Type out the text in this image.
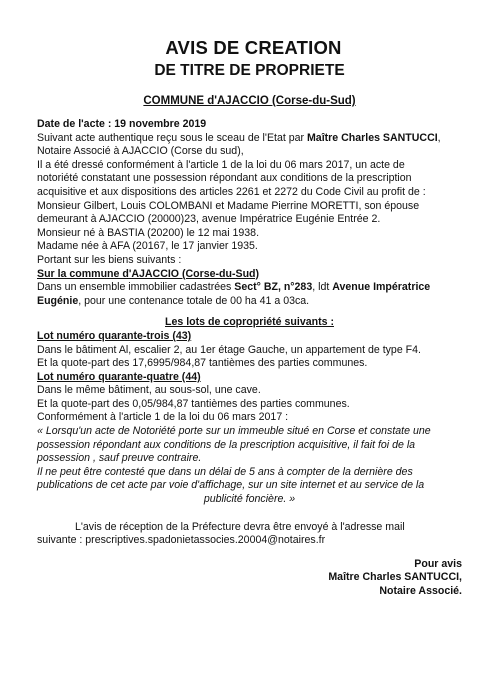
AVIS DE CREATION
DE TITRE DE PROPRIETE
COMMUNE d'AJACCIO (Corse-du-Sud)

Date de l'acte : 19 novembre 2019

Suivant acte authentique reçu sous le sceau de l'Etat par Maître Charles SANTUCCI,

Notaire Associé à AJACCIO (Corse du sud),

Il a été dressé conformément à l'article 1 de la loi du 06 mars 2017, un acte de

notoriété constatant une possession répondant aux conditions de la prescription

acquisitive et aux dispositions des articles 2261 et 2272 du Code Civil au profit de :

Monsieur Gilbert, Louis COLOMBANI et Madame Pierrine MORETTI, son épouse

demeurant à AJACCIO (20000)23, avenue Impératrice Eugénie Entrée 2.

Monsieur né à BASTIA (20200) le 12 mai 1938.

Madame née à AFA (20167, le 17 janvier 1935.

Portant sur les biens suivants :

Sur la commune d'AJACCIO (Corse-du-Sud)

Dans un ensemble immobilier cadastrées Sect° BZ, n°283, ldt Avenue Impératrice

Eugénie, pour une contenance totale de 00 ha 41 a 03ca.

Les lots de copropriété suivants :

Lot numéro quarante-trois (43)

Dans le bâtiment Al, escalier 2, au 1er étage Gauche, un appartement de type F4.

Et la quote-part des 17,6995/984,87 tantièmes des parties communes.

Lot numéro quarante-quatre (44)

Dans le même bâtiment, au sous-sol, une cave.

Et la quote-part des 0,05/984,87 tantièmes des parties communes.

Conformément à l'article 1 de la loi du 06 mars 2017 :

« Lorsqu'un acte de Notoriété porte sur un immeuble situé en Corse et constate une

possession répondant aux conditions de la prescription acquisitive, il fait foi de la

possession , sauf preuve contraire.

Il ne peut être contesté que dans un délai de 5 ans à compter de la dernière des

publications de cet acte par voie d'affichage, sur un site internet et au service de la

publicité foncière. »

L'avis de réception de la Préfecture devra être envoyé à l'adresse mail

suivante : prescriptives.spadonietassocies.20004@notaires.fr

Pour avis

Maître Charles SANTUCCI,

Notaire Associé.
